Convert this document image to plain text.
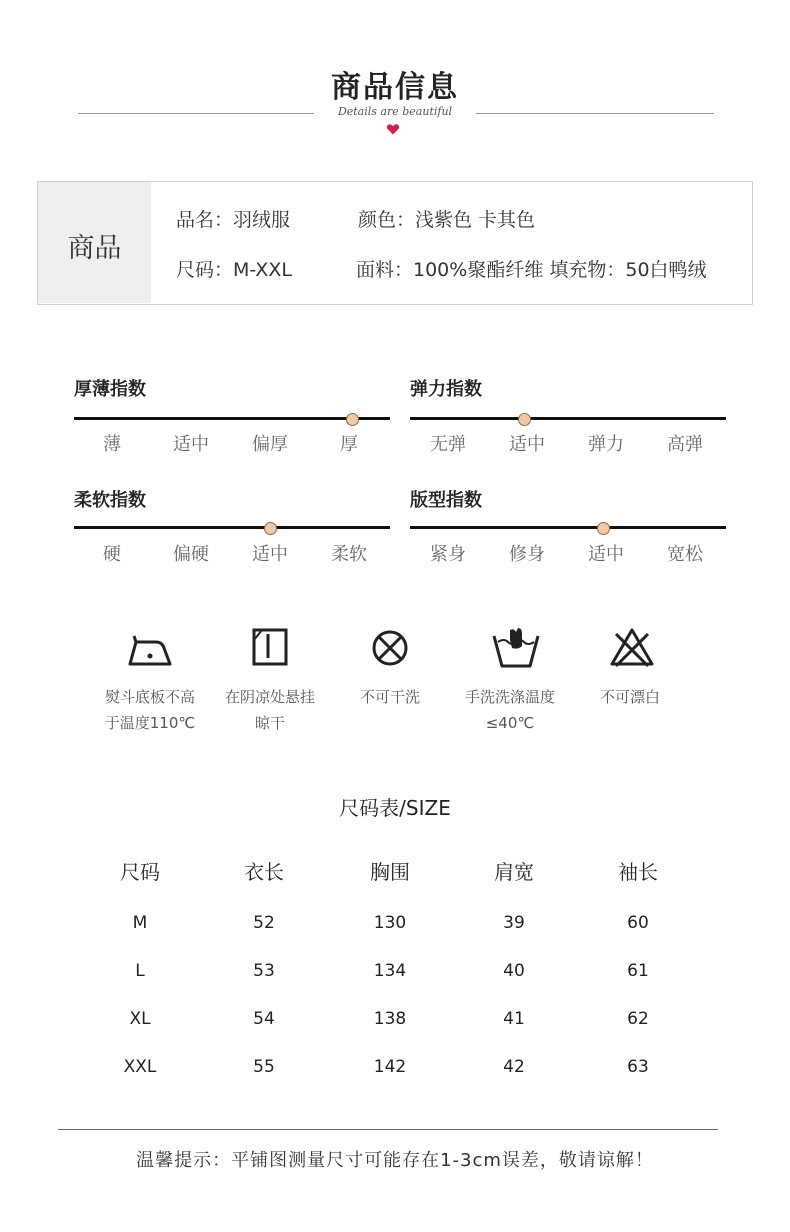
商品信息
Details are beautiful
商品
品名：羽绒服	颜色：浅紫色 卡其色
尺码：M-XXL	面料：100%聚酯纤维 填充物：50白鸭绒
厚薄指数
薄	适中	偏厚	厚
弹力指数
无弹	适中	弹力	高弹
柔软指数
硬	偏硬	适中	柔软
版型指数
紧身	修身	适中	宽松
熨斗底板不高
于温度110℃
在阴凉处悬挂
晾干
不可干洗	手洗洗涤温度
≤40℃
不可漂白
尺码表/SIZE
尺码	衣长	胸围	肩宽	袖长
M	52	130	39	60
L	53	134	40	61
XL	54	138	41	62
XXL	55	142	42	63
温馨提示：平铺图测量尺寸可能存在1-3cm误差，敬请谅解！
